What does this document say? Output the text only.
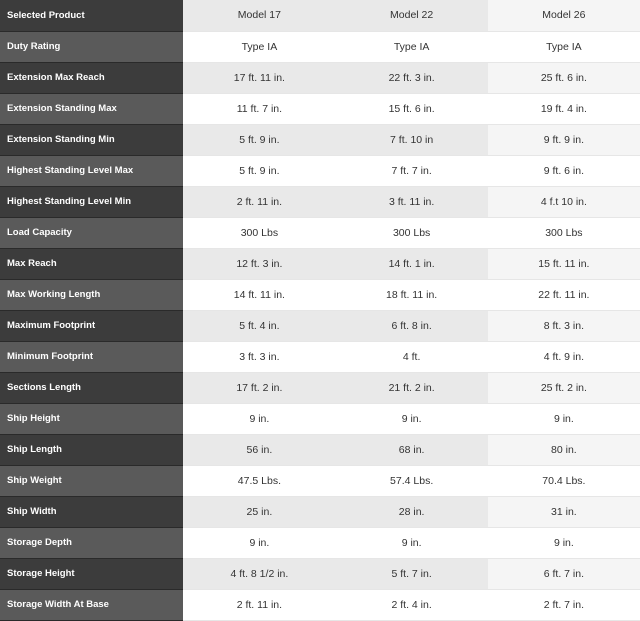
Selected Product	Model 17	Model 22	Model 26
Duty Rating	Type IA	Type IA	Type IA
Extension Max Reach	17 ft. 11 in.	22 ft. 3 in.	25 ft. 6 in.
Extension Standing Max	11 ft. 7 in.	15 ft. 6 in.	19 ft. 4 in.
Extension Standing Min	5 ft. 9 in.	7 ft. 10 in	9 ft. 9 in.
Highest Standing Level Max	5 ft. 9 in.	7 ft. 7 in.	9 ft. 6 in.
Highest Standing Level Min	2 ft. 11 in.	3 ft. 11 in.	4 f.t 10 in.
Load Capacity	300 Lbs	300 Lbs	300 Lbs
Max Reach	12 ft. 3 in.	14 ft. 1 in.	15 ft. 11 in.
Max Working Length	14 ft. 11 in.	18 ft. 11 in.	22 ft. 11 in.
Maximum Footprint	5 ft. 4 in.	6 ft. 8 in.	8 ft. 3 in.
Minimum Footprint	3 ft. 3 in.	4 ft.	4 ft. 9 in.
Sections Length	17 ft. 2 in.	21 ft. 2 in.	25 ft. 2 in.
Ship Height	9 in.	9 in.	9 in.
Ship Length	56 in.	68 in.	80 in.
Ship Weight	47.5 Lbs.	57.4 Lbs.	70.4 Lbs.
Ship Width	25 in.	28 in.	31 in.
Storage Depth	9 in.	9 in.	9 in.
Storage Height	4 ft. 8 1/2 in.	5 ft. 7 in.	6 ft. 7 in.
Storage Width At Base	2 ft. 11 in.	2 ft. 4 in.	2 ft. 7 in.
